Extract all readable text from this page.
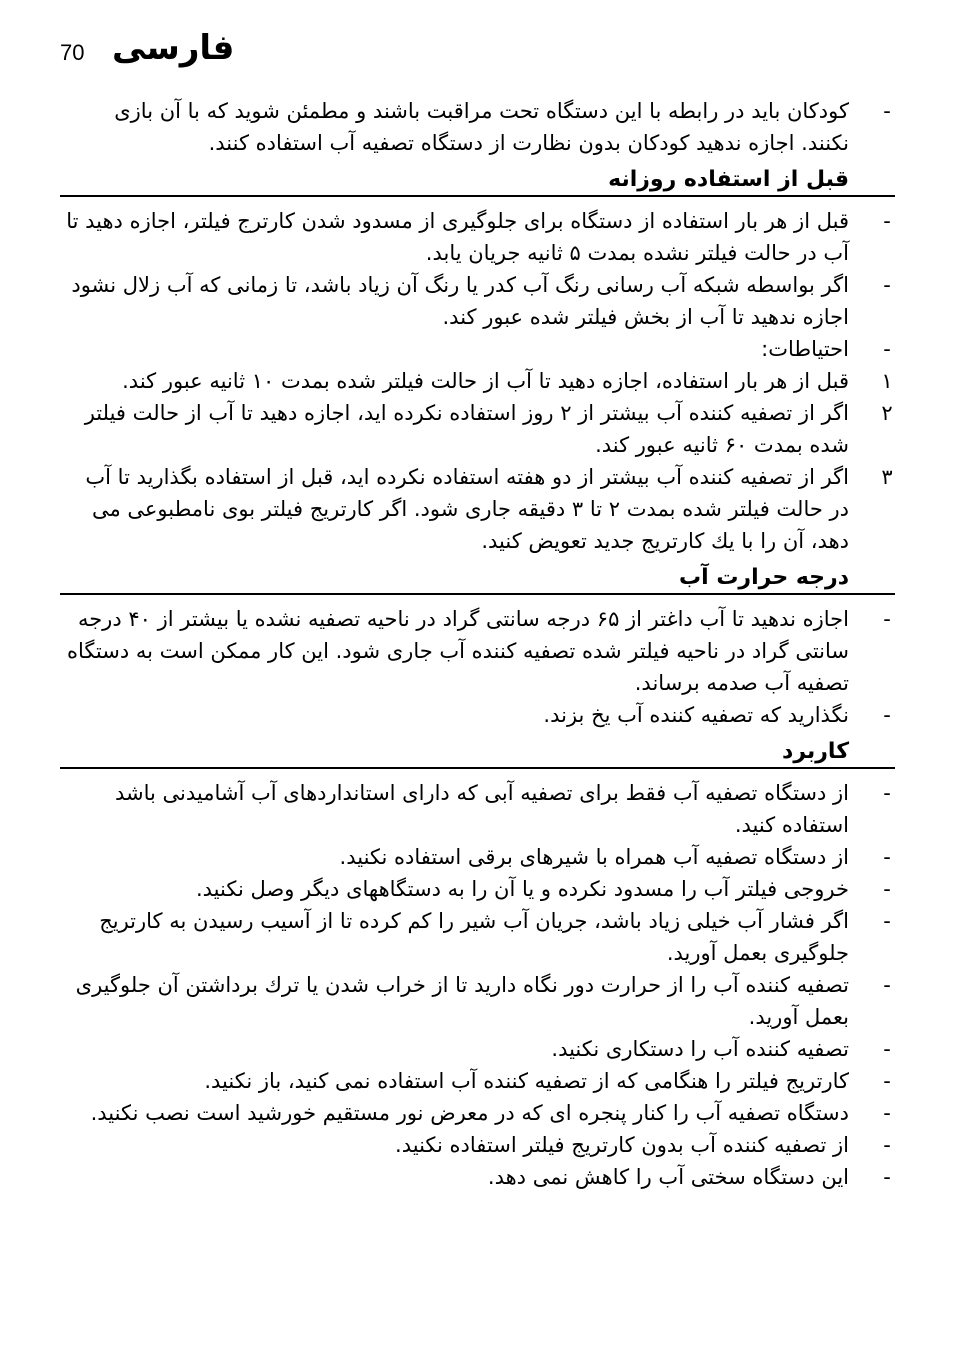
70 فارسی
-
کودکان باید در رابطه با این دستگاه تحت مراقبت باشند و مطمئن شوید که با آن بازی نکنند. اجازه ندهید کودکان بدون نظارت از دستگاه تصفیه آب استفاده کنند.
قبل از استفاده روزانه
-
قبل از هر بار استفاده از دستگاه برای جلوگیری از مسدود شدن کارترج فیلتر، اجازه دهید تا آب در حالت فیلتر نشده بمدت ۵ ثانیه جریان یابد.
-
اگر بواسطه شبکه آب رسانی رنگ آب کدر یا رنگ آن زیاد باشد، تا زمانی که آب زلال نشود اجازه ندهید تا آب از بخش فیلتر شده عبور کند.
-
احتیاطات:
۱
قبل از هر بار استفاده، اجازه دهید تا آب از حالت فیلتر شده بمدت ۱۰ ثانیه عبور کند.
۲
اگر از تصفیه کننده آب بیشتر از ۲ روز استفاده نکرده اید، اجازه دهید تا آب از حالت فیلتر شده بمدت ۶۰ ثانیه عبور کند.
۳
اگر از تصفیه کننده آب بیشتر از دو هفته استفاده نکرده اید، قبل از استفاده بگذارید تا آب در حالت فیلتر شده بمدت ۲ تا ۳ دقیقه جاری شود. اگر کارتریج فیلتر بوی نامطبوعی می دهد، آن را با یك کارتریج جدید تعویض کنید.
درجه حرارت آب
-
اجازه ندهید تا آب داغتر از ۶۵ درجه سانتی گراد در ناحیه تصفیه نشده یا بیشتر از ۴۰ درجه سانتی گراد در ناحیه فیلتر شده تصفیه کننده آب جاری شود. این کار ممکن است به دستگاه تصفیه آب صدمه برساند.
-
نگذارید که تصفیه کننده آب یخ بزند.
کاربرد
-
از دستگاه تصفیه آب فقط برای تصفیه آبی که دارای استانداردهای آب آشامیدنی باشد استفاده کنید.
-
از دستگاه تصفیه آب همراه با شیرهای برقی استفاده نکنید.
-
خروجی فیلتر آب را مسدود نکرده و یا آن را به دستگاههای دیگر وصل نکنید.
-
اگر فشار آب خیلی زیاد باشد، جریان آب شیر را کم کرده تا از آسیب رسیدن به کارتریج جلوگیری بعمل آورید.
-
تصفیه کننده آب را از حرارت دور نگاه دارید تا از خراب شدن یا ترك برداشتن آن جلوگیری بعمل آورید.
-
تصفیه کننده آب را دستکاری نکنید.
-
کارتریج فیلتر را هنگامی که از تصفیه کننده آب استفاده نمی کنید، باز نکنید.
-
دستگاه تصفیه آب را کنار پنجره ای که در معرض نور مستقیم خورشید است نصب نکنید.
-
از تصفیه کننده آب بدون کارتریج فیلتر استفاده نکنید.
-
این دستگاه سختی آب را کاهش نمی دهد.
